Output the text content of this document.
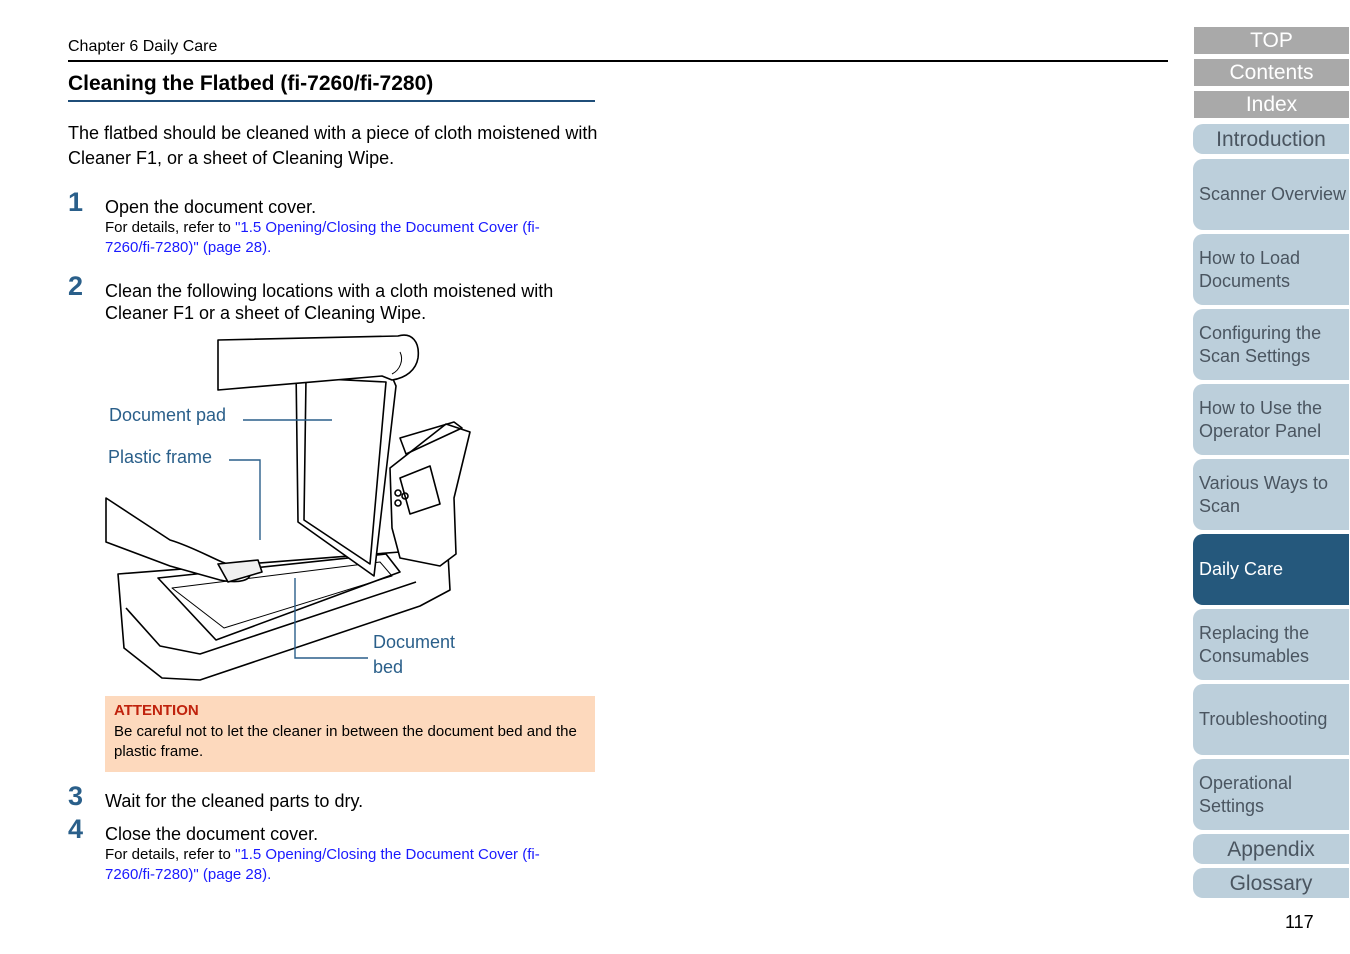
Chapter 6 Daily Care
Cleaning the Flatbed (fi-7260/fi-7280)
The flatbed should be cleaned with a piece of cloth moistened with Cleaner F1, or a sheet of Cleaning Wipe.
1 Open the document cover.
For details, refer to "1.5 Opening/Closing the Document Cover (fi-7260/fi-7280)" (page 28).
2 Clean the following locations with a cloth moistened with Cleaner F1 or a sheet of Cleaning Wipe.
Document pad
Plastic frame
Document
bed
ATTENTION
Be careful not to let the cleaner in between the document bed and the plastic frame.
3 Wait for the cleaned parts to dry.
4 Close the document cover.
For details, refer to "1.5 Opening/Closing the Document Cover (fi-7260/fi-7280)" (page 28).
TOP
Contents
Index
Introduction
Scanner Overview
How to Load Documents
Configuring the Scan Settings
How to Use the Operator Panel
Various Ways to Scan
Daily Care
Replacing the Consumables
Troubleshooting
Operational Settings
Appendix
Glossary
117
